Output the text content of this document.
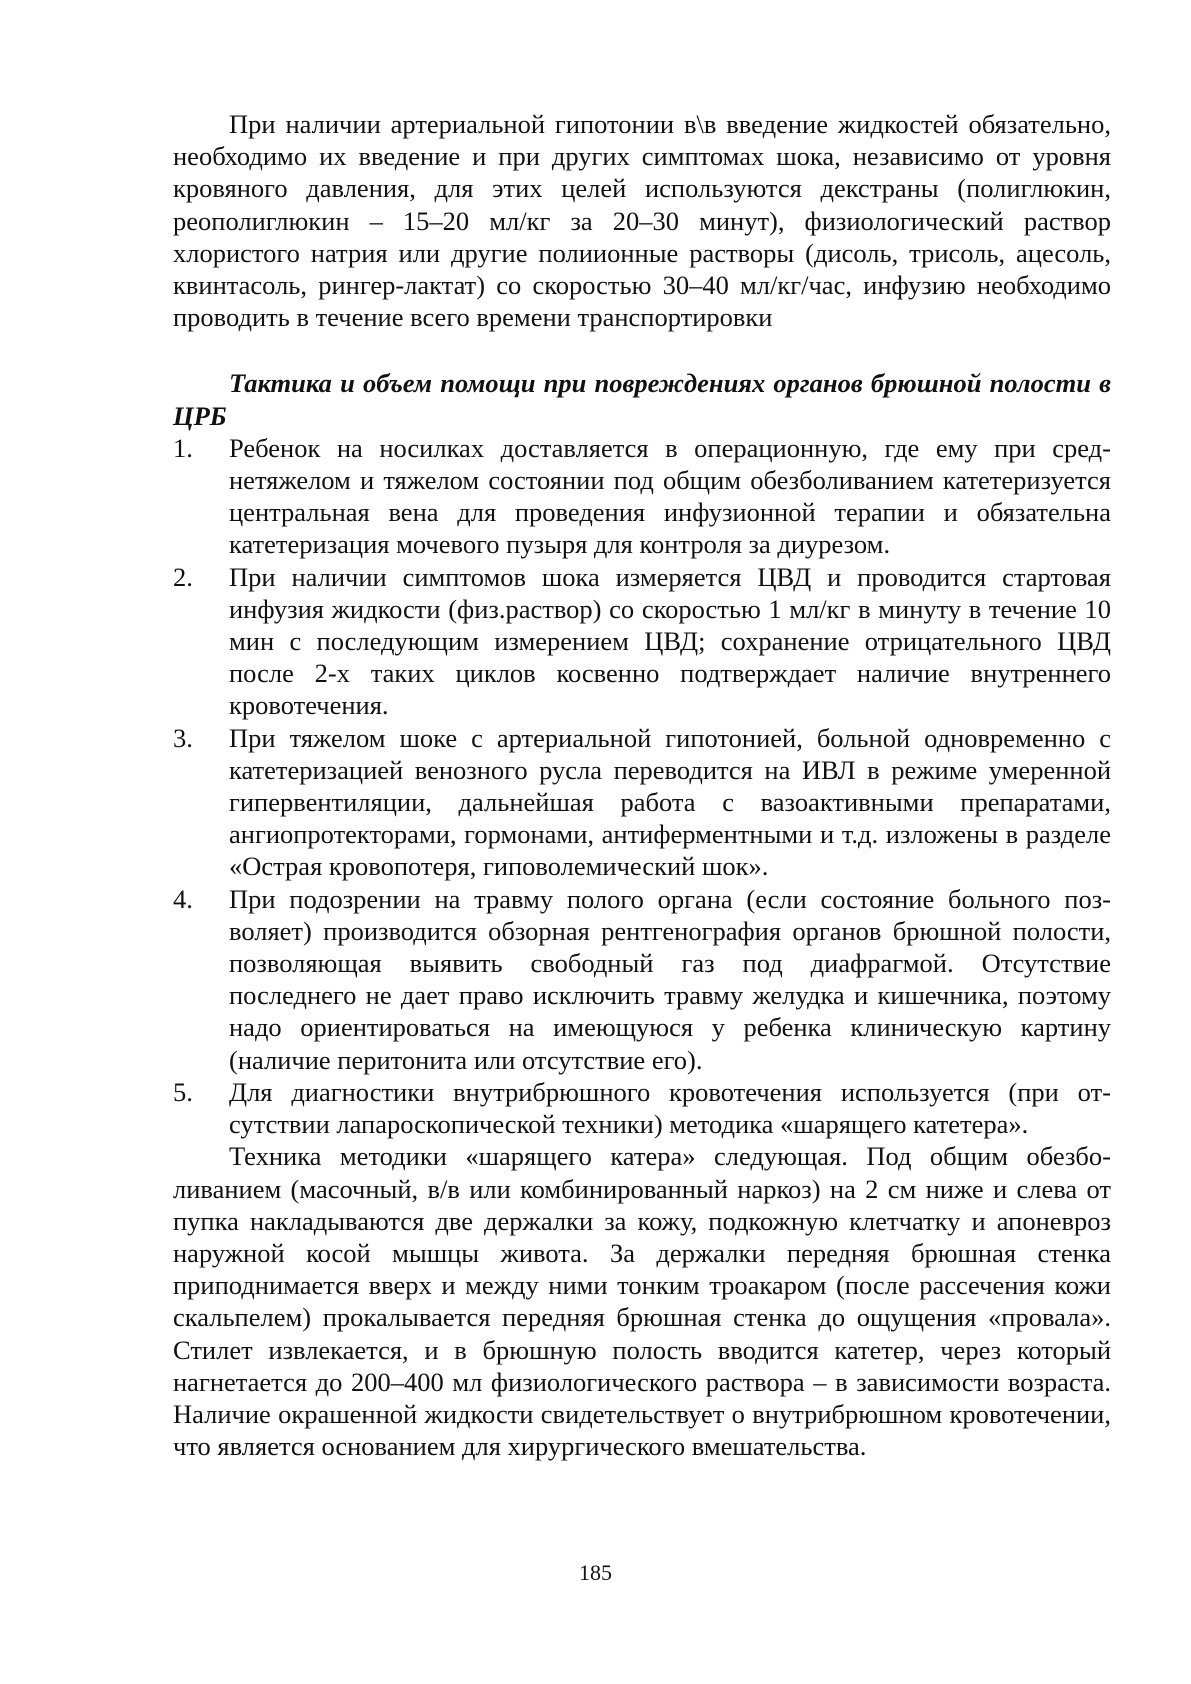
При наличии артериальной гипотонии в\в введение жидкостей обязательно, необходимо их введение и при других симптомах шока, независимо от уровня кровяного давления, для этих целей используются декстраны (полиглюкин, реополиглюкин – 15–20 мл/кг за 20–30 минут), физиологический раствор хлористого натрия или другие полиионные растворы (дисоль, трисоль, ацесоль, квинтасоль, рингер-лактат) со скоростью 30–40 мл/кг/час, инфузию необходимо проводить в течение всего времени транспортировки

Тактика и объем помощи при повреждениях органов брюшной полости в ЦРБ

1. Ребенок на носилках доставляется в операционную, где ему при среднетяжелом и тяжелом состоянии под общим обезболиванием катетеризуется центральная вена для проведения инфузионной терапии и обязательна катетеризация мочевого пузыря для контроля за диурезом.
2. При наличии симптомов шока измеряется ЦВД и проводится стартовая инфузия жидкости (физ.раствор) со скоростью 1 мл/кг в минуту в течение 10 мин с последующим измерением ЦВД; сохранение отрицательного ЦВД после 2-х таких циклов косвенно подтверждает наличие внутреннего кровотечения.
3. При тяжелом шоке с артериальной гипотонией, больной одновременно с катетеризацией венозного русла переводится на ИВЛ в режиме умеренной гипервентиляции, дальнейшая работа с вазоактивными препаратами, ангиопротекторами, гормонами, антиферментными и т.д. изложены в разделе «Острая кровопотеря, гиповолемический шок».
4. При подозрении на травму полого органа (если состояние больного позволяет) производится обзорная рентгенография органов брюшной полости, позволяющая выявить свободный газ под диафрагмой. Отсутствие последнего не дает право исключить травму желудка и кишечника, поэтому надо ориентироваться на имеющуюся у ребенка клиническую картину (наличие перитонита или отсутствие его).
5. Для диагностики внутрибрюшного кровотечения используется (при отсутствии лапароскопической техники) методика «шарящего катетера».

Техника методики «шарящего катера» следующая. Под общим обезболиванием (масочный, в/в или комбинированный наркоз) на 2 см ниже и слева от пупка накладываются две держалки за кожу, подкожную клетчатку и апоневроз наружной косой мышцы живота. За держалки передняя брюшная стенка приподнимается вверх и между ними тонким троакаром (после рассечения кожи скальпелем) прокалывается передняя брюшная стенка до ощущения «провала». Стилет извлекается, и в брюшную полость вводится катетер, через который нагнетается до 200–400 мл физиологического раствора – в зависимости возраста. Наличие окрашенной жидкости свидетельствует о внутрибрюшном кровотечении, что является основанием для хирургического вмешательства.

185
